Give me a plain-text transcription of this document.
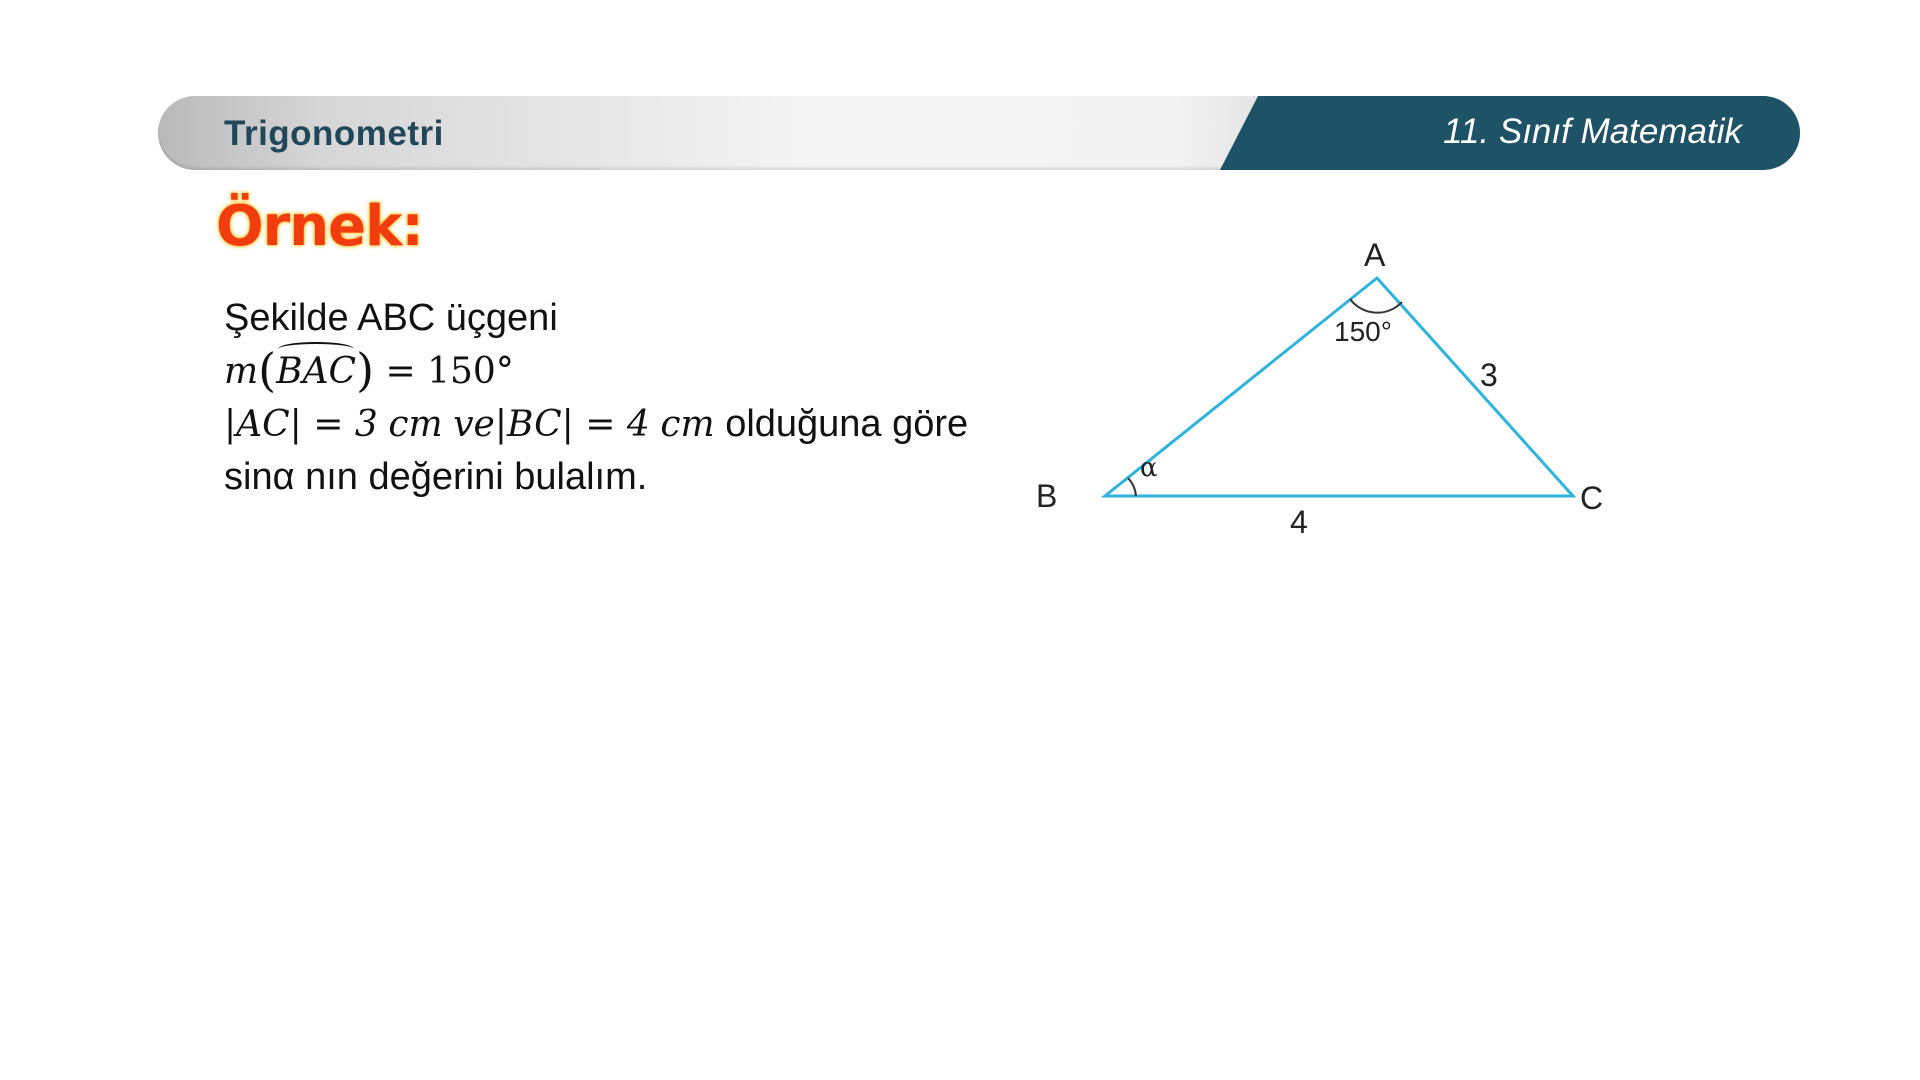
Trigonometri	11. Sınıf Matematik
Örnek:
Şekilde ABC üçgeni
m(
BAC) = 150°
|AC| = 3 cm ve|BC| = 4 cm olduğuna göre
sinα nın değerini bulalım.
A
B	C
150°
α
3
4
